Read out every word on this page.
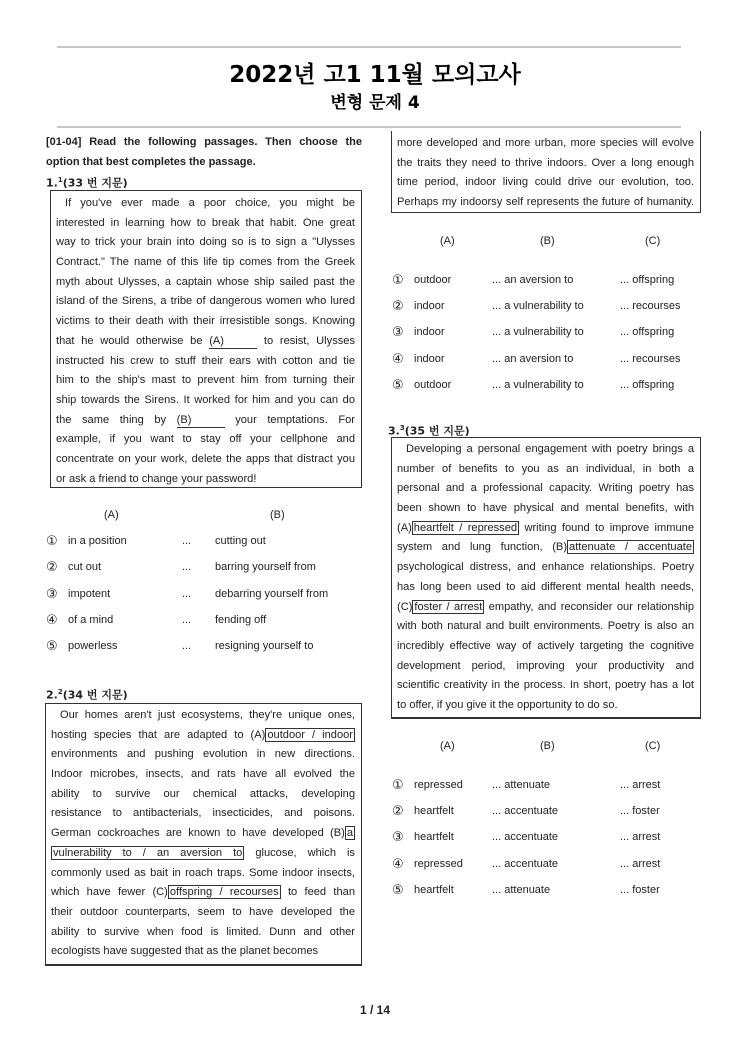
2022년 고1 11월 모의고사
변형 문제 4
[01-04] Read the following passages. Then choose the
option that best completes the passage.
1.$^1$(33 번 지문)
If you've ever made a poor choice, you might be
interested in learning how to break that habit. One great
way to trick your brain into doing so is to sign a "Ulysses
Contract." The name of this life tip comes from the Greek
myth about Ulysses, a captain whose ship sailed past the
island of the Sirens, a tribe of dangerous women who lured
victims to their death with their irresistible songs. Knowing
that he would otherwise be (A)	to resist, Ulysses
instructed his crew to stuff their ears with cotton and tie
him to the ship's mast to prevent him from turning their
ship towards the Sirens. It worked for him and you can do
the same thing by (B)	your temptations. For
example, if you want to stay off your cellphone and
concentrate on your work, delete the apps that distract you
or ask a friend to change your password!
(A)	(B)
① in a position	... cutting out
② cut out	... barring yourself from
③ impotent	... debarring yourself from
④ of a mind	... fending off
⑤ powerless	... resigning yourself to
2.$^2$(34 번 지문)
Our homes aren't just ecosystems, they're unique ones,
hosting species that are adapted to (A) outdoor / indoor
environments and pushing evolution in new directions.
Indoor microbes, insects, and rats have all evolved the
ability to survive our chemical attacks, developing
resistance to antibacterials, insecticides, and poisons.
German cockroaches are known to have developed (B) a
vulnerability to / an aversion to glucose, which is
commonly used as bait in roach traps. Some indoor insects,
which have fewer (C) offspring / recourses to feed than
their outdoor counterparts, seem to have developed the
ability to survive when food is limited. Dunn and other
ecologists have suggested that as the planet becomes
more developed and more urban, more species will evolve
the traits they need to thrive indoors. Over a long enough
time period, indoor living could drive our evolution, too.
Perhaps my indoorsy self represents the future of humanity.
(A)	(B)	(C)
① outdoor	... an aversion to	... offspring
② indoor	... a vulnerability to	... recourses
③ indoor	... a vulnerability to	... offspring
④ indoor	... an aversion to	... recourses
⑤ outdoor	... a vulnerability to	... offspring
3.$^3$(35 번 지문)
Developing a personal engagement with poetry brings a
number of benefits to you as an individual, in both a
personal and a professional capacity. Writing poetry has
been shown to have physical and mental benefits, with
(A) heartfelt / repressed writing found to improve immune
system and lung function, (B) attenuate / accentuate
psychological distress, and enhance relationships. Poetry
has long been used to aid different mental health needs,
(C) foster / arrest empathy, and reconsider our relationship
with both natural and built environments. Poetry is also an
incredibly effective way of actively targeting the cognitive
development period, improving your productivity and
scientific creativity in the process. In short, poetry has a lot
to offer, if you give it the opportunity to do so.
(A)	(B)	(C)
① repressed	... attenuate	... arrest
② heartfelt	... accentuate	... foster
③ heartfelt	... accentuate	... arrest
④ repressed	... accentuate	... arrest
⑤ heartfelt	... attenuate	... foster
1 / 14
